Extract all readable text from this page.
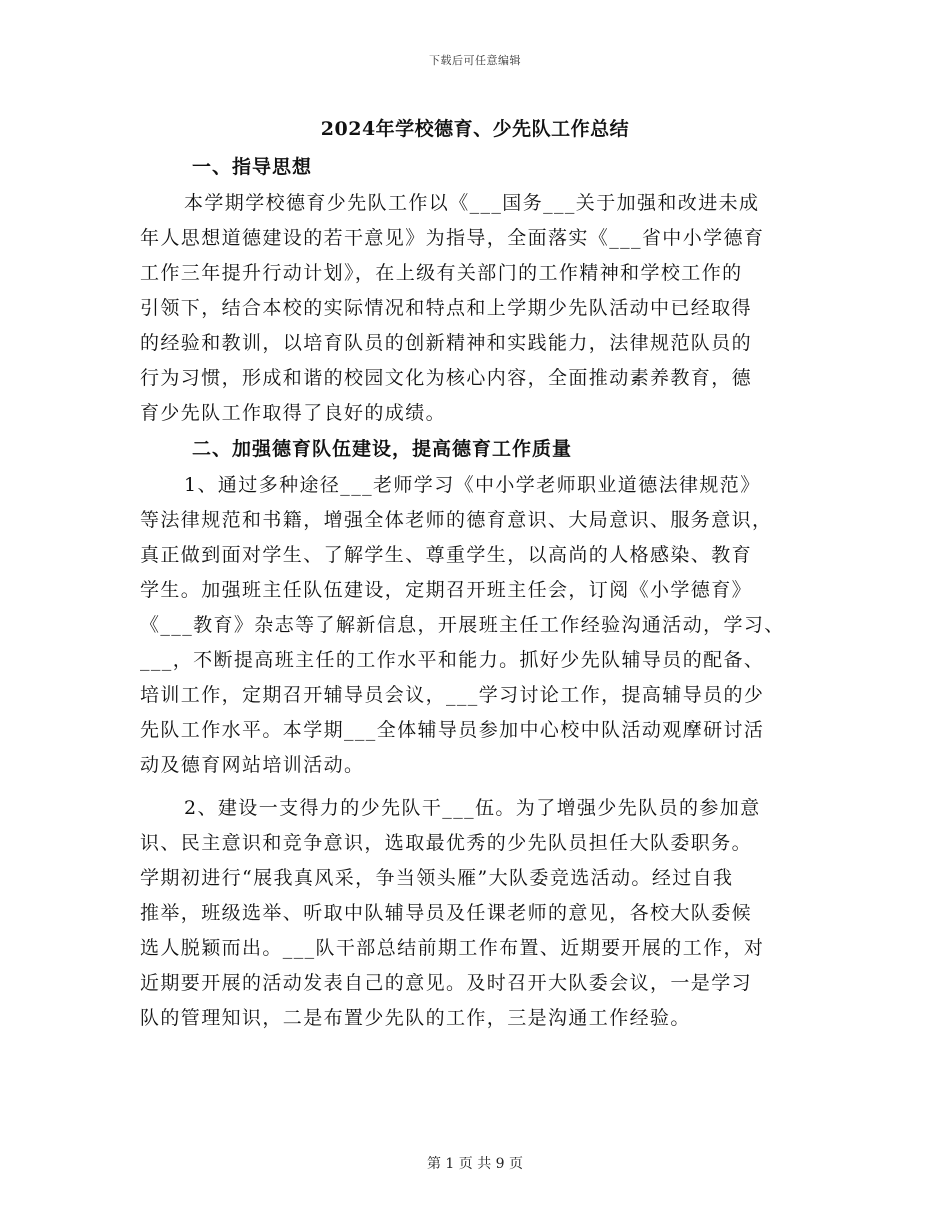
下载后可任意编辑
2024年学校德育、少先队工作总结
一、指导思想
本学期学校德育少先队工作以《___国务___关于加强和改进未成
年人思想道德建设的若干意见》为指导，全面落实《___省中小学德育
工作三年提升行动计划》，在上级有关部门的工作精神和学校工作的
引领下，结合本校的实际情况和特点和上学期少先队活动中已经取得
的经验和教训，以培育队员的创新精神和实践能力，法律规范队员的
行为习惯，形成和谐的校园文化为核心内容，全面推动素养教育，德
育少先队工作取得了良好的成绩。
二、加强德育队伍建设，提高德育工作质量
1、通过多种途径___老师学习《中小学老师职业道德法律规范》
等法律规范和书籍，增强全体老师的德育意识、大局意识、服务意识，
真正做到面对学生、了解学生、尊重学生，以高尚的人格感染、教育
学生。加强班主任队伍建设，定期召开班主任会，订阅《小学德育》
《___教育》杂志等了解新信息，开展班主任工作经验沟通活动，学习、
___，不断提高班主任的工作水平和能力。抓好少先队辅导员的配备、
培训工作，定期召开辅导员会议，___学习讨论工作，提高辅导员的少
先队工作水平。本学期___全体辅导员参加中心校中队活动观摩研讨活
动及德育网站培训活动。
2、建设一支得力的少先队干___伍。为了增强少先队员的参加意
识、民主意识和竞争意识，选取最优秀的少先队员担任大队委职务。
学期初进行“展我真风采，争当领头雁”大队委竞选活动。经过自我
推举，班级选举、听取中队辅导员及任课老师的意见，各校大队委候
选人脱颖而出。___队干部总结前期工作布置、近期要开展的工作，对
近期要开展的活动发表自己的意见。及时召开大队委会议，一是学习
队的管理知识，二是布置少先队的工作，三是沟通工作经验。
第 1 页 共 9 页
